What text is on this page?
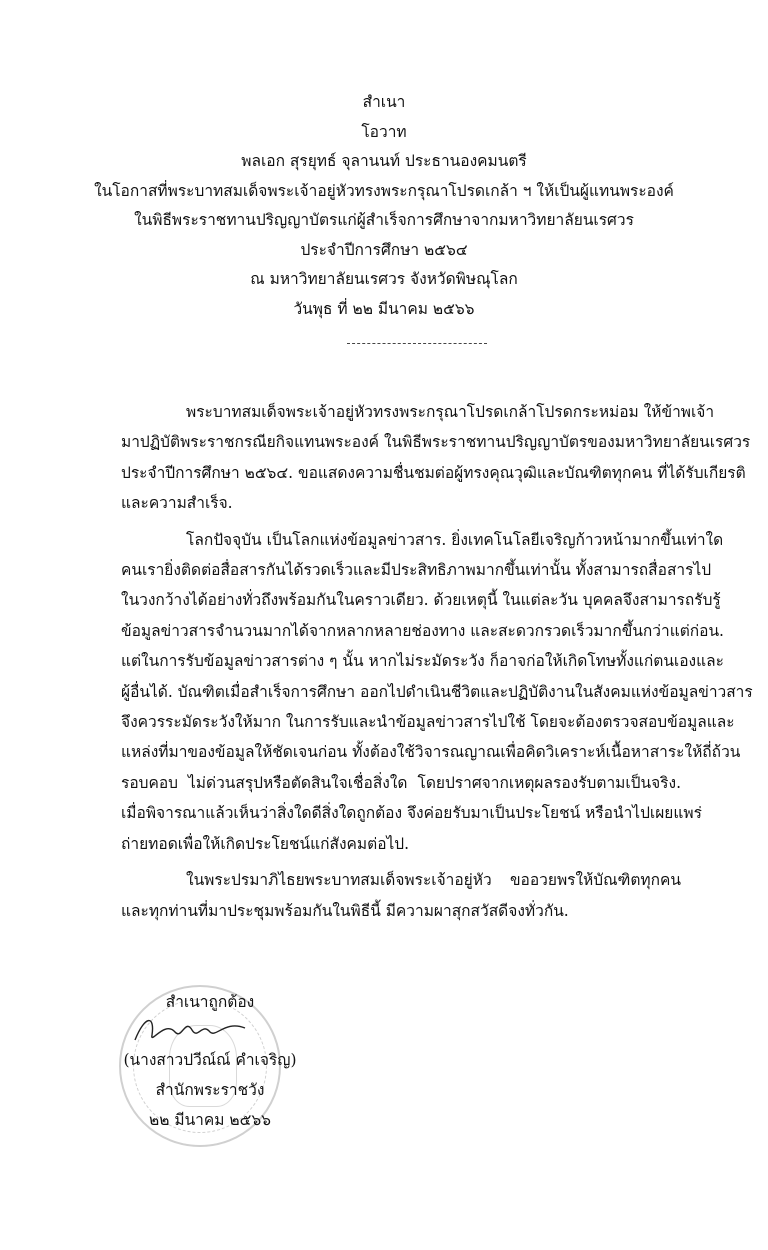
สำเนา
โอวาท
พลเอก สุรยุทธ์ จุลานนท์ ประธานองคมนตรี
ในโอกาสที่พระบาทสมเด็จพระเจ้าอยู่หัวทรงพระกรุณาโปรดเกล้า ฯ ให้เป็นผู้แทนพระองค์
ในพิธีพระราชทานปริญญาบัตรแก่ผู้สำเร็จการศึกษาจากมหาวิทยาลัยนเรศวร
ประจำปีการศึกษา ๒๕๖๔
ณ มหาวิทยาลัยนเรศวร จังหวัดพิษณุโลก
วันพุธ ที่ ๒๒ มีนาคม ๒๕๖๖
พระบาทสมเด็จพระเจ้าอยู่หัวทรงพระกรุณาโปรดเกล้าโปรดกระหม่อม ให้ข้าพเจ้า
มาปฏิบัติพระราชกรณียกิจแทนพระองค์ ในพิธีพระราชทานปริญญาบัตรของมหาวิทยาลัยนเรศวร
ประจำปีการศึกษา ๒๕๖๔. ขอแสดงความชื่นชมต่อผู้ทรงคุณวุฒิและบัณฑิตทุกคน ที่ได้รับเกียรติ
และความสำเร็จ.
โลกปัจจุบัน เป็นโลกแห่งข้อมูลข่าวสาร. ยิ่งเทคโนโลยีเจริญก้าวหน้ามากขึ้นเท่าใด
คนเรายิ่งติดต่อสื่อสารกันได้รวดเร็วและมีประสิทธิภาพมากขึ้นเท่านั้น ทั้งสามารถสื่อสารไป
ในวงกว้างได้อย่างทั่วถึงพร้อมกันในคราวเดียว. ด้วยเหตุนี้ ในแต่ละวัน บุคคลจึงสามารถรับรู้
ข้อมูลข่าวสารจำนวนมากได้จากหลากหลายช่องทาง และสะดวกรวดเร็วมากขึ้นกว่าแต่ก่อน.
แต่ในการรับข้อมูลข่าวสารต่าง ๆ นั้น หากไม่ระมัดระวัง ก็อาจก่อให้เกิดโทษทั้งแก่ตนเองและ
ผู้อื่นได้. บัณฑิตเมื่อสำเร็จการศึกษา ออกไปดำเนินชีวิตและปฏิบัติงานในสังคมแห่งข้อมูลข่าวสาร
จึงควรระมัดระวังให้มาก ในการรับและนำข้อมูลข่าวสารไปใช้ โดยจะต้องตรวจสอบข้อมูลและ
แหล่งที่มาของข้อมูลให้ชัดเจนก่อน ทั้งต้องใช้วิจารณญาณเพื่อคิดวิเคราะห์เนื้อหาสาระให้ถี่ถ้วน
รอบคอบ ไม่ด่วนสรุปหรือตัดสินใจเชื่อสิ่งใด โดยปราศจากเหตุผลรองรับตามเป็นจริง.
เมื่อพิจารณาแล้วเห็นว่าสิ่งใดดีสิ่งใดถูกต้อง จึงค่อยรับมาเป็นประโยชน์ หรือนำไปเผยแพร่
ถ่ายทอดเพื่อให้เกิดประโยชน์แก่สังคมต่อไป.
ในพระปรมาภิไธยพระบาทสมเด็จพระเจ้าอยู่หัว ขออวยพรให้บัณฑิตทุกคน
และทุกท่านที่มาประชุมพร้อมกันในพิธีนี้ มีความผาสุกสวัสดีจงทั่วกัน.
สำเนาถูกต้อง
(นางสาวปวีณ์ณ์ คำเจริญ)
สำนักพระราชวัง
๒๒ มีนาคม ๒๕๖๖
